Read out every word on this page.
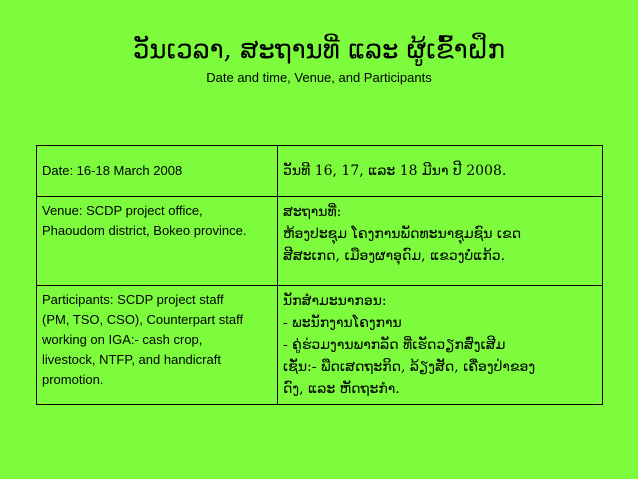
ວັນເວລາ, ສະຖານທີ່ ແລະ ຜູ້ເຂົ້າຝຶກ
Date and time, Venue, and Participants
Date: 16-18 March 2008	ວັນທີ 16, 17, ແລະ 18 ມີນາ ປີ 2008.

Venue: SCDP project office,
Phaoudom district, Bokeo province.	ສະຖານທີ່:
ຫ້ອງປະຊຸມ ໂຄງການພັດທະນາຊຸມຊົນ ເຂດ
ສີສະເກດ, ເມືອງຜາອຸດົມ, ແຂວງບໍ່ແກ້ວ.

Participants: SCDP project staff
(PM, TSO, CSO), Counterpart staff
working on IGA:- cash crop,
livestock, NTFP, and handicraft
promotion.	ນັກສຳມະນາກອນ:
- ພະນັກງານໂຄງການ
- ຄູ່ຮ່ວມງານພາກລັດ ທີ່ເຮັດວຽກສົ່ງເສີມ
ເຊັ່ນ:- ພືດເສດຖະກິດ, ລ້ຽງສັດ, ເຄື່ອງປ່າຂອງ
ດົງ, ແລະ ຫັດຖະກຳ.
